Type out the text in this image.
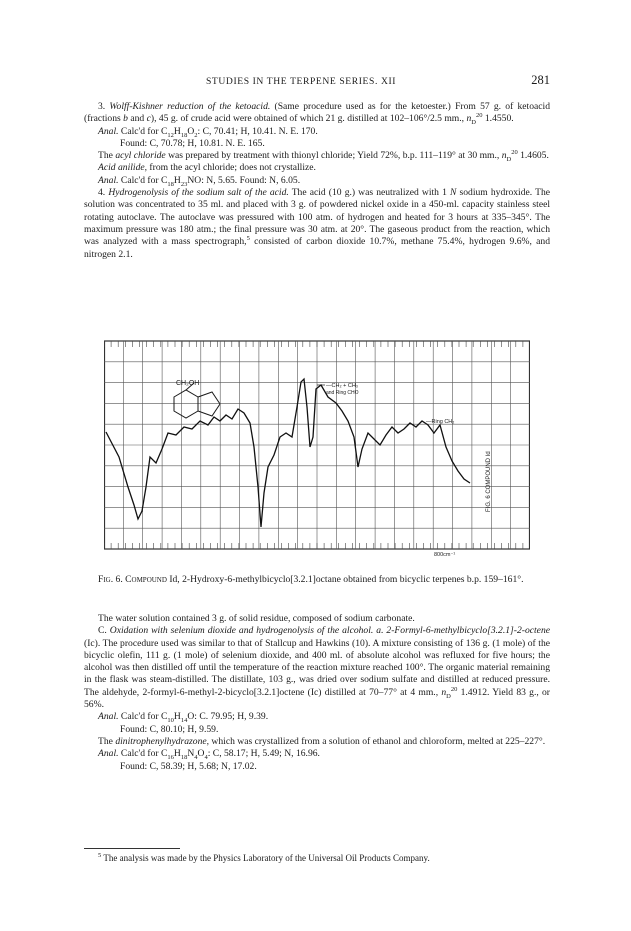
STUDIES IN THE TERPENE SERIES. XII	281

3. Wolff-Kishner reduction of the ketoacid. (Same procedure used as for the ketoester.) From 57 g. of ketoacid (fractions b and c), 45 g. of crude acid were obtained of which 21 g. distilled at 102–106°/2.5 mm., $n_D^{20}$ 1.4550.

Anal. Calc'd for $C_{12}H_{18}O_2$: C, 70.41; H, 10.41. N. E. 170.

Found: C, 70.78; H, 10.81. N. E. 165.

The acyl chloride was prepared by treatment with thionyl chloride; Yield 72%, b.p. 111–119° at 30 mm., $n_D^{20}$ 1.4605.

Acid anilide, from the acyl chloride; does not crystallize.

Anal. Calc'd for $C_{18}H_{23}NO$: N, 5.65. Found: N, 6.05.

4. Hydrogenolysis of the sodium salt of the acid. The acid (10 g.) was neutralized with 1 N sodium hydroxide. The solution was concentrated to 35 ml. and placed with 3 g. of powdered nickel oxide in a 450-ml. capacity stainless steel rotating autoclave. The autoclave was pressured with 100 atm. of hydrogen and heated for 3 hours at 335–345°. The maximum pressure was 180 atm.; the final pressure was 30 atm. at 20°. The gaseous product from the reaction, which was analyzed with a mass spectrograph,$^5$ consisted of carbon dioxide 10.7%, methane 75.4%, hydrogen 9.6%, and nitrogen 2.1.

CH₂OH	—CH₂ + CH₃
and Ring CHO
—Ring CH₂
FIG. 6 COMPOUND Id
800cm⁻¹

Fig. 6. Compound Id, 2-Hydroxy-6-methylbicyclo[3.2.1]octane obtained from bicyclic terpenes b.p. 159–161°.

The water solution contained 3 g. of solid residue, composed of sodium carbonate.

C. Oxidation with selenium dioxide and hydrogenolysis of the alcohol. a. 2-Formyl-6-methylbicyclo[3.2.1]-2-octene (Ic). The procedure used was similar to that of Stallcup and Hawkins (10). A mixture consisting of 136 g. (1 mole) of the bicyclic olefin, 111 g. (1 mole) of selenium dioxide, and 400 ml. of absolute alcohol was refluxed for five hours; the alcohol was then distilled off until the temperature of the reaction mixture reached 100°. The organic material remaining in the flask was steam-distilled. The distillate, 103 g., was dried over sodium sulfate and distilled at reduced pressure. The aldehyde, 2-formyl-6-methyl-2-bicyclo[3.2.1]octene (Ic) distilled at 70–77° at 4 mm., $n_D^{20}$ 1.4912. Yield 83 g., or 56%.

Anal. Calc'd for $C_{10}H_{14}O$: C. 79.95; H, 9.39.

Found: C, 80.10; H, 9.59.

The dinitrophenylhydrazone, which was crystallized from a solution of ethanol and chloroform, melted at 225–227°.

Anal. Calc'd for $C_{16}H_{18}N_4O_4$: C, 58.17; H, 5.49; N, 16.96.

Found: C, 58.39; H, 5.68; N, 17.02.

$^5$ The analysis was made by the Physics Laboratory of the Universal Oil Products Company.
